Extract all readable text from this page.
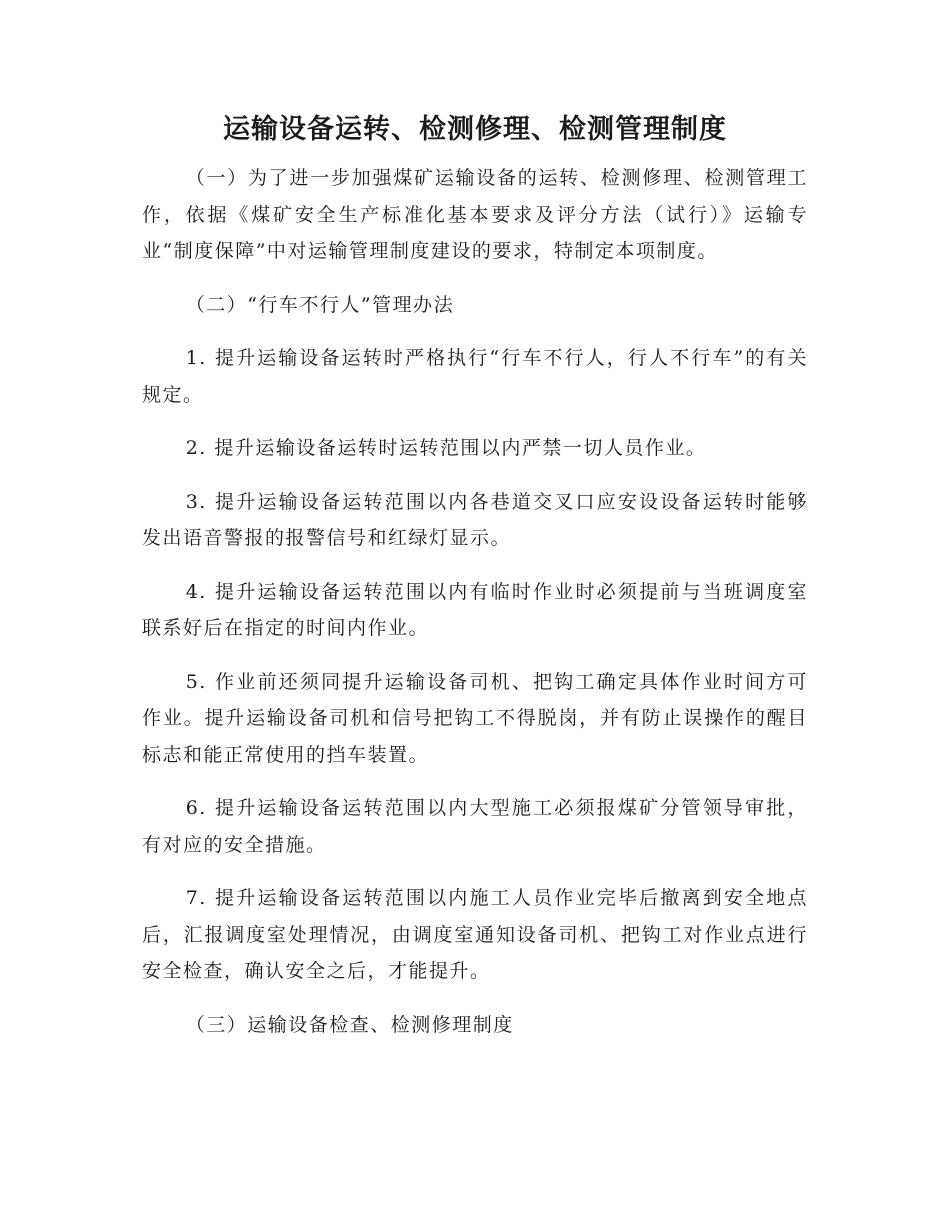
运输设备运转、检测修理、检测管理制度

（一）为了进一步加强煤矿运输设备的运转、检测修理、检测管理工作，依据《煤矿安全生产标准化基本要求及评分方法（试行）》运输专业“制度保障”中对运输管理制度建设的要求，特制定本项制度。

（二）“行车不行人”管理办法

1. 提升运输设备运转时严格执行“行车不行人，行人不行车”的有关规定。

2. 提升运输设备运转时运转范围以内严禁一切人员作业。

3. 提升运输设备运转范围以内各巷道交叉口应安设设备运转时能够发出语音警报的报警信号和红绿灯显示。

4. 提升运输设备运转范围以内有临时作业时必须提前与当班调度室联系好后在指定的时间内作业。

5. 作业前还须同提升运输设备司机、把钩工确定具体作业时间方可作业。提升运输设备司机和信号把钩工不得脱岗，并有防止误操作的醒目标志和能正常使用的挡车装置。

6. 提升运输设备运转范围以内大型施工必须报煤矿分管领导审批，有对应的安全措施。

7. 提升运输设备运转范围以内施工人员作业完毕后撤离到安全地点后，汇报调度室处理情况，由调度室通知设备司机、把钩工对作业点进行安全检查，确认安全之后，才能提升。

（三）运输设备检查、检测修理制度
